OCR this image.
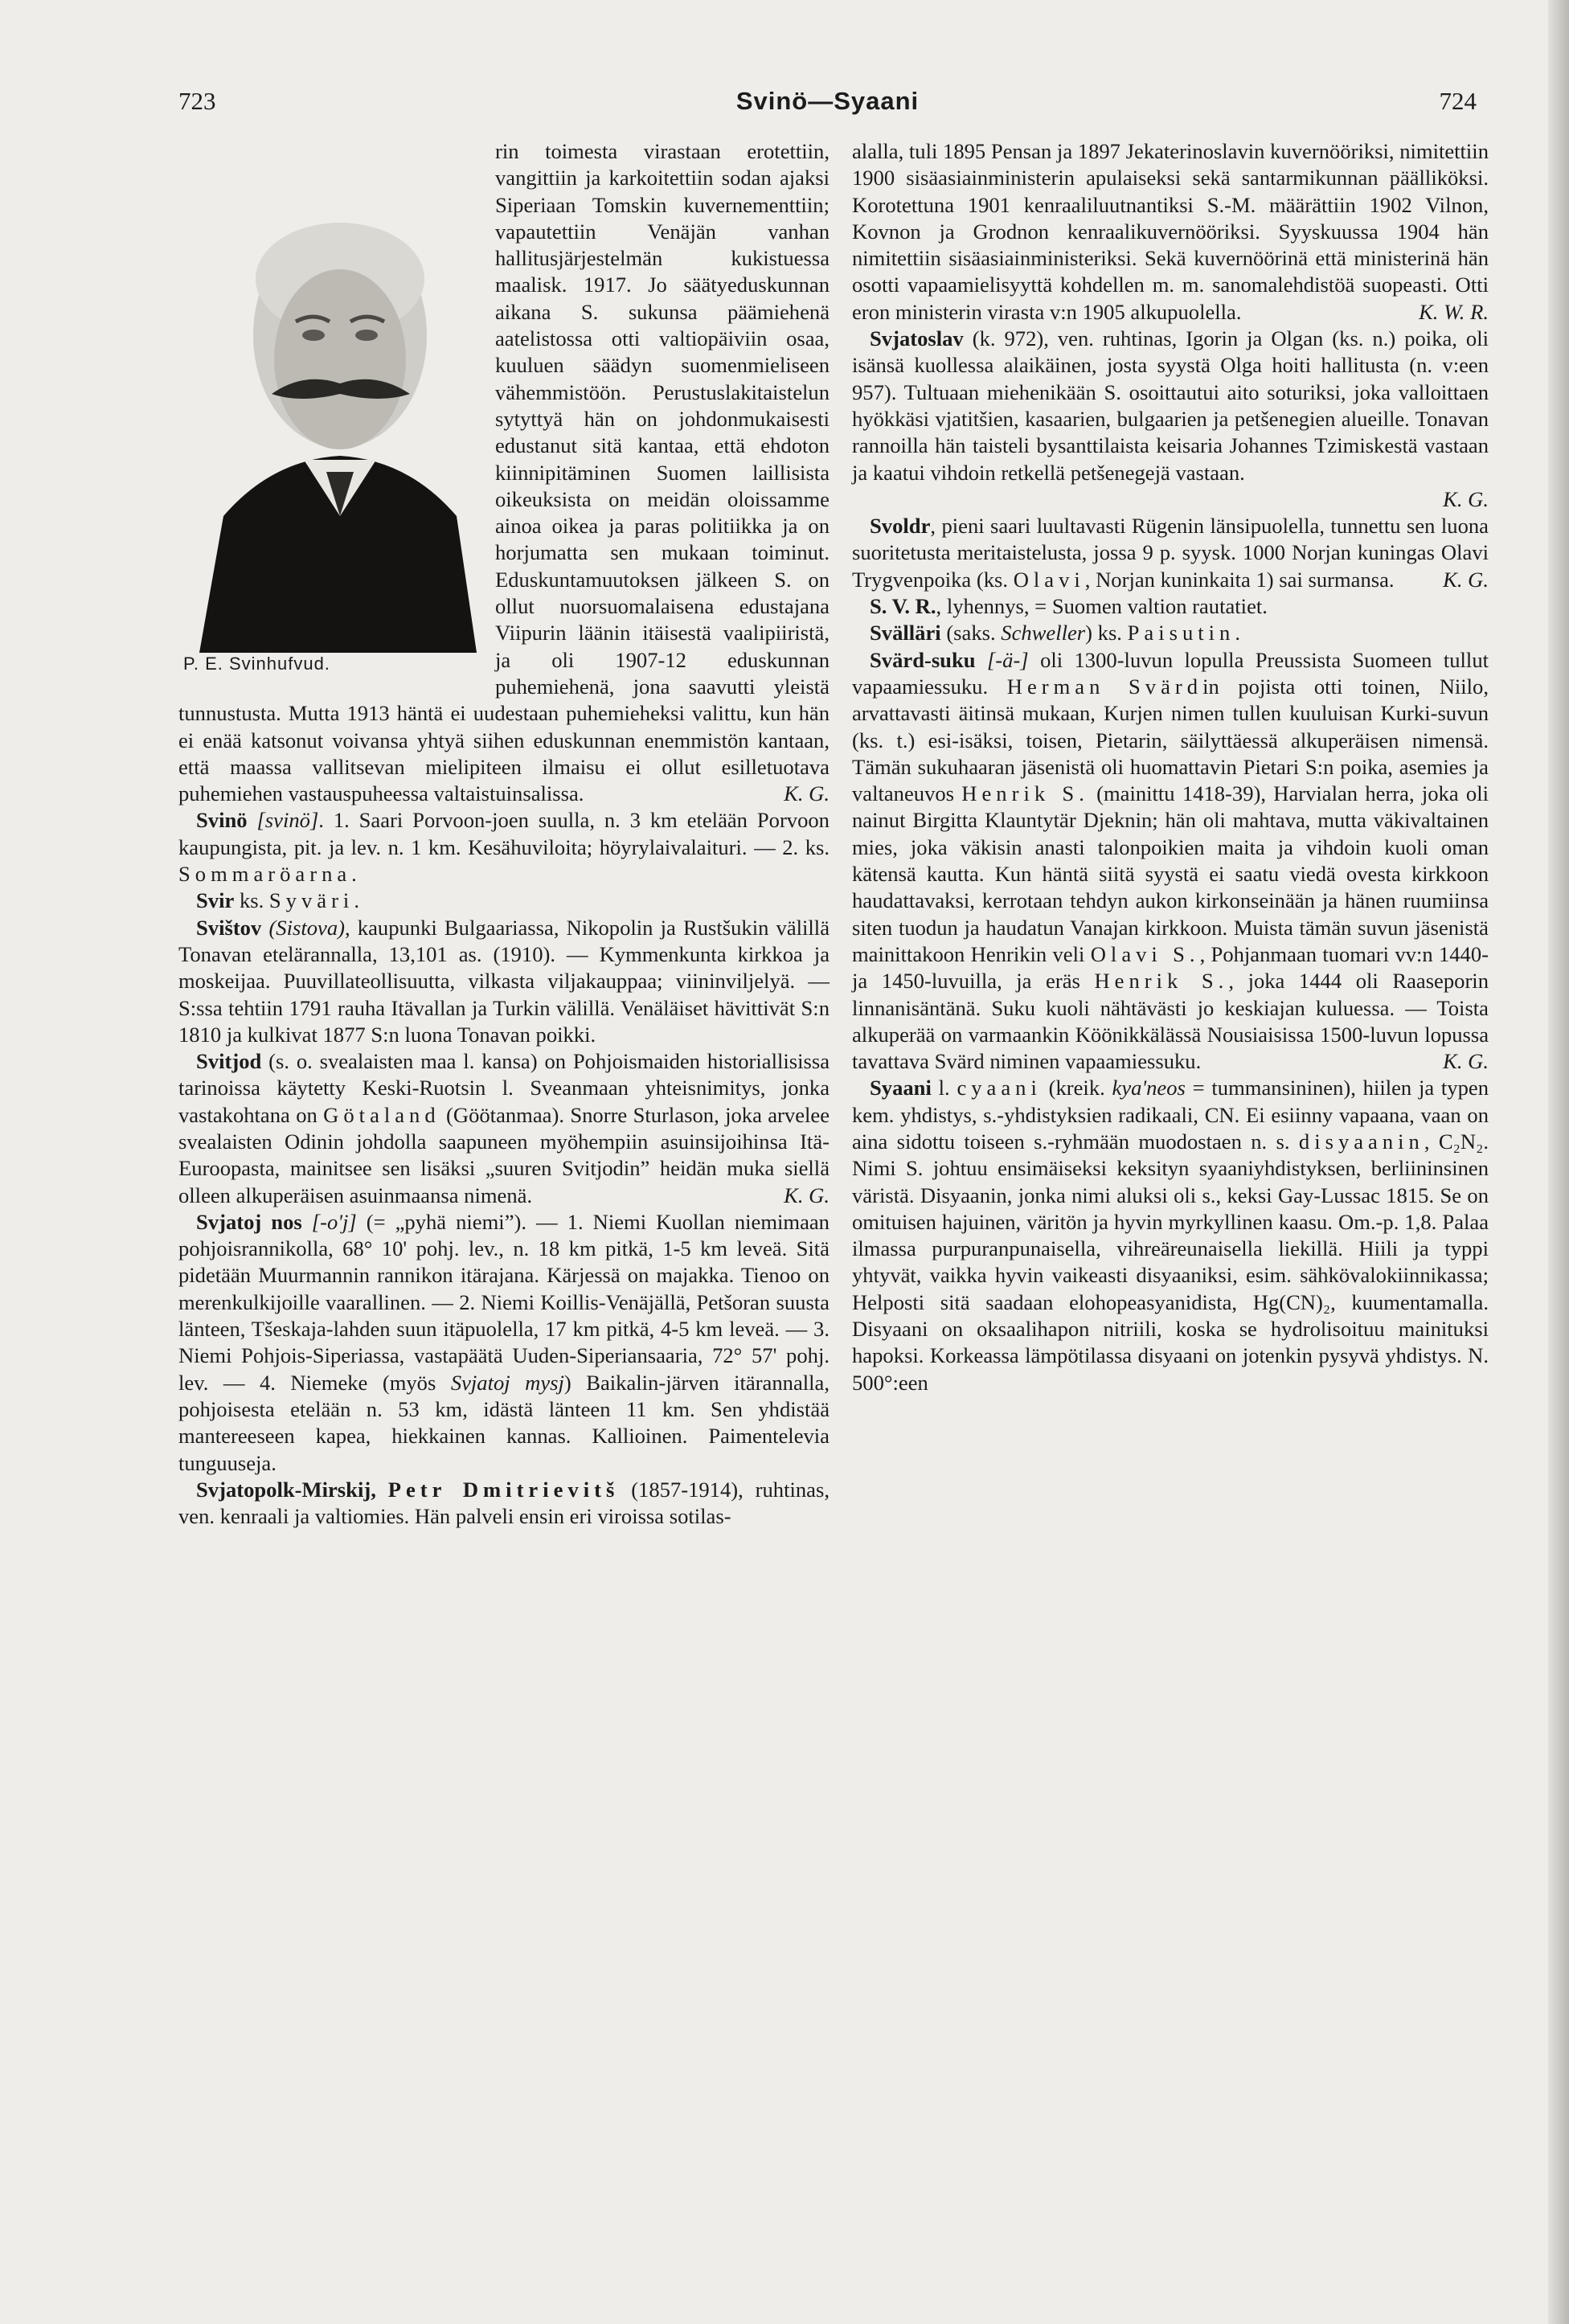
723	Svinö—Syaani	724
P. E. Svinhufvud.

rin toimesta virastaan erotettiin, vangittiin ja karkoitettiin sodan ajaksi Siperiaan Tomskin kuvernementtiin; vapautettiin Venäjän vanhan hallitusjärjestelmän kukistuessa maalisk. 1917. Jo säätyeduskunnan aikana S. sukunsa päämiehenä aatelistossa otti valtiopäiviin osaa, kuuluen säädyn suomenmieliseen vähemmistöön. Perustuslakitaistelun sytyttyä hän on johdonmukaisesti edustanut sitä kantaa, että ehdoton kiinnipitäminen Suomen laillisista oikeuksista on meidän oloissamme ainoa oikea ja paras politiikka ja on horjumatta sen mukaan toiminut. Eduskuntamuutoksen jälkeen S. on ollut nuorsuomalaisena edustajana Viipurin läänin itäisestä vaalipiiristä, ja oli 1907-12 eduskunnan puhemiehenä, jona saavutti yleistä tunnustusta. Mutta 1913 häntä ei uudestaan puhemieheksi valittu, kun hän ei enää katsonut voivansa yhtyä siihen eduskunnan enemmistön kantaan, että maassa vallitsevan mielipiteen ilmaisu ei ollut esilletuotava puhemiehen vastauspuheessa valtaistuinsalissa.	K. G.

Svinö [svinö]. 1. Saari Porvoon-joen suulla, n. 3 km etelään Porvoon kaupungista, pit. ja lev. n. 1 km. Kesähuviloita; höyrylaivalaituri. — 2. ks. Sommaröarna.

Svir ks. Syväri.

Svištov (Sistova), kaupunki Bulgaariassa, Nikopolin ja Rustšukin välillä Tonavan etelärannalla, 13,101 as. (1910). — Kymmenkunta kirkkoa ja moskeijaa. Puuvillateollisuutta, vilkasta viljakauppaa; viininviljelyä. — S:ssa tehtiin 1791 rauha Itävallan ja Turkin välillä. Venäläiset hävittivät S:n 1810 ja kulkivat 1877 S:n luona Tonavan poikki.

Svitjod (s. o. svealaisten maa l. kansa) on Pohjoismaiden historiallisissa tarinoissa käytetty Keski-Ruotsin l. Sveanmaan yhteisnimitys, jonka vastakohtana on Götaland (Göötanmaa). Snorre Sturlason, joka arvelee svealaisten Odinin johdolla saapuneen myöhempiin asuinsijoihinsa Itä-Euroopasta, mainitsee sen lisäksi „suuren Svitjodin” heidän muka siellä olleen alkuperäisen asuinmaansa nimenä.	K. G.

Svjatoj nos [-o'j] (= „pyhä niemi”). — 1. Niemi Kuollan niemimaan pohjoisrannikolla, 68° 10' pohj. lev., n. 18 km pitkä, 1-5 km leveä. Sitä pidetään Muurmannin rannikon itärajana. Kärjessä on majakka. Tienoo on merenkulkijoille vaarallinen. — 2. Niemi Koillis-Venäjällä, Petšoran suusta länteen, Tšeskaja-lahden suun itäpuolella, 17 km pitkä, 4-5 km leveä. — 3. Niemi Pohjois-Siperiassa, vastapäätä Uuden-Siperiansaaria, 72° 57' pohj. lev. — 4. Niemeke (myös Svjatoj mysj) Baikalin-järven itärannalla, pohjoisesta etelään n. 53 km, idästä länteen 11 km. Sen yhdistää mantereeseen kapea, hiekkainen kannas. Kallioinen. Paimentelevia tunguuseja.

Svjatopolk-Mirskij, Petr Dmitrievitš (1857-1914), ruhtinas, ven. kenraali ja valtiomies. Hän palveli ensin eri viroissa sotilas-

alalla, tuli 1895 Pensan ja 1897 Jekaterinoslavin kuvernööriksi, nimitettiin 1900 sisäasiainministerin apulaiseksi sekä santarmikunnan päälliköksi. Korotettuna 1901 kenraaliluutnantiksi S.-M. määrättiin 1902 Vilnon, Kovnon ja Grodnon kenraalikuvernööriksi. Syyskuussa 1904 hän nimitettiin sisäasiainministeriksi. Sekä kuvernöörinä että ministerinä hän osotti vapaamielisyyttä kohdellen m. m. sanomalehdistöä suopeasti. Otti eron ministerin virasta v:n 1905 alkupuolella.	K. W. R.

Svjatoslav (k. 972), ven. ruhtinas, Igorin ja Olgan (ks. n.) poika, oli isänsä kuollessa alaikäinen, josta syystä Olga hoiti hallitusta (n. v:een 957). Tultuaan miehenikään S. osoittautui aito soturiksi, joka valloittaen hyökkäsi vjatitšien, kasaarien, bulgaarien ja petšenegien alueille. Tonavan rannoilla hän taisteli bysanttilaista keisaria Johannes Tzimiskestä vastaan ja kaatui vihdoin retkellä petšenegejä vastaan.

K. G.

Svoldr, pieni saari luultavasti Rügenin länsipuolella, tunnettu sen luona suoritetusta meritaistelusta, jossa 9 p. syysk. 1000 Norjan kuningas Olavi Trygvenpoika (ks. Olavi, Norjan kuninkaita 1) sai surmansa.	K. G.

S. V. R., lyhennys, = Suomen valtion rautatiet.

Svälläri (saks. Schweller) ks. Paisutin.

Svärd-suku [-ä-] oli 1300-luvun lopulla Preussista Suomeen tullut vapaamiessuku. Herman Svärdin pojista otti toinen, Niilo, arvattavasti äitinsä mukaan, Kurjen nimen tullen kuuluisan Kurki-suvun (ks. t.) esi-isäksi, toisen, Pietarin, säilyttäessä alkuperäisen nimensä. Tämän sukuhaaran jäsenistä oli huomattavin Pietari S:n poika, asemies ja valtaneuvos Henrik S. (mainittu 1418-39), Harvialan herra, joka oli nainut Birgitta Klauntytär Djeknin; hän oli mahtava, mutta väkivaltainen mies, joka väkisin anasti talonpoikien maita ja vihdoin kuoli oman kätensä kautta. Kun häntä siitä syystä ei saatu viedä ovesta kirkkoon haudattavaksi, kerrotaan tehdyn aukon kirkonseinään ja hänen ruumiinsa siten tuodun ja haudatun Vanajan kirkkoon. Muista tämän suvun jäsenistä mainittakoon Henrikin veli Olavi S., Pohjanmaan tuomari vv:n 1440-ja 1450-luvuilla, ja eräs Henrik S., joka 1444 oli Raaseporin linnanisäntänä. Suku kuoli nähtävästi jo keskiajan kuluessa. — Toista alkuperää on varmaankin Köönikkälässä Nousiaisissa 1500-luvun lopussa tavattava Svärd niminen vapaamiessuku.	K. G.

Syaani l. cyaani (kreik. kya'neos = tummansininen), hiilen ja typen kem. yhdistys, s.-yhdistyksien radikaali, CN. Ei esiinny vapaana, vaan on aina sidottu toiseen s.-ryhmään muodostaen n. s. disyaanin, C₂N₂. Nimi S. johtuu ensimäiseksi keksityn syaaniyhdistyksen, berliininsinen väristä. Disyaanin, jonka nimi aluksi oli s., keksi Gay-Lussac 1815. Se on omituisen hajuinen, väritön ja hyvin myrkyllinen kaasu. Om.-p. 1,8. Palaa ilmassa purpuranpunaisella, vihreäreunaisella liekillä. Hiili ja typpi yhtyvät, vaikka hyvin vaikeasti disyaaniksi, esim. sähkövalokiinnikassa; Helposti sitä saadaan elohopeasyanidista, Hg(CN)₂, kuumentamalla. Disyaani on oksaalihapon nitriili, koska se hydrolisoituu mainituksi hapoksi. Korkeassa lämpötilassa disyaani on jotenkin pysyvä yhdistys. N. 500°:een
